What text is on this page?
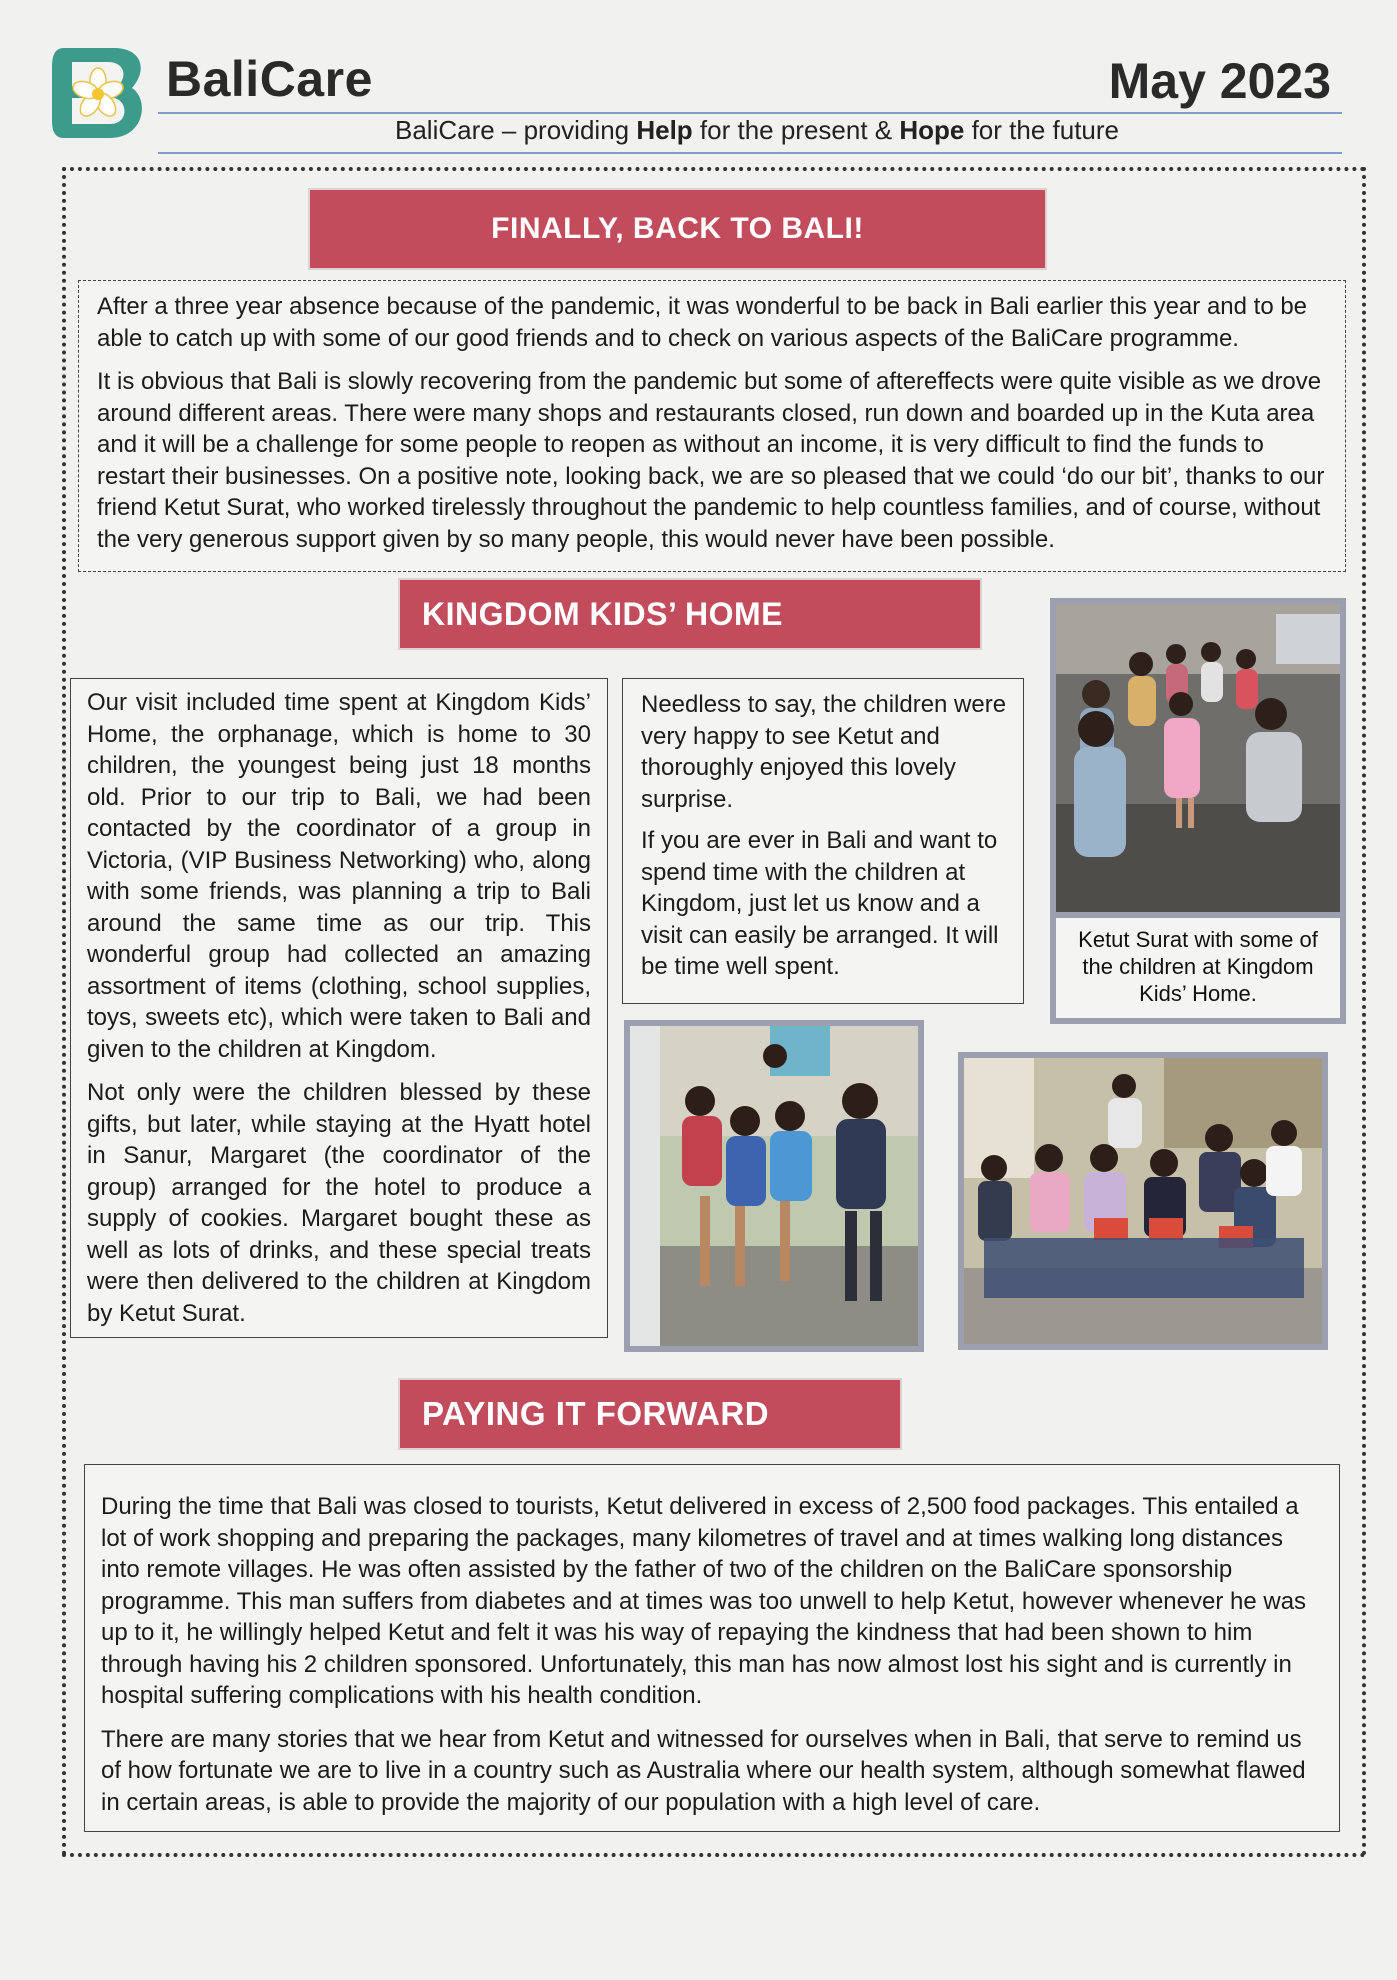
BaliCare	May 2023
BaliCare – providing Help for the present & Hope for the future
FINALLY, BACK TO BALI!

After a three year absence because of the pandemic, it was wonderful to be back in Bali earlier this year and to be able to catch up with some of our good friends and to check on various aspects of the BaliCare programme.

It is obvious that Bali is slowly recovering from the pandemic but some of aftereffects were quite visible as we drove around different areas. There were many shops and restaurants closed, run down and boarded up in the Kuta area and it will be a challenge for some people to reopen as without an income, it is very difficult to find the funds to restart their businesses. On a positive note, looking back, we are so pleased that we could ‘do our bit’, thanks to our friend Ketut Surat, who worked tirelessly throughout the pandemic to help countless families, and of course, without the very generous support given by so many people, this would never have been possible.

KINGDOM KIDS’ HOME

Our visit included time spent at Kingdom Kids’ Home, the orphanage, which is home to 30 children, the youngest being just 18 months old. Prior to our trip to Bali, we had been contacted by the coordinator of a group in Victoria, (VIP Business Networking) who, along with some friends, was planning a trip to Bali around the same time as our trip. This wonderful group had collected an amazing assortment of items (clothing, school supplies, toys, sweets etc), which were taken to Bali and given to the children at Kingdom.

Not only were the children blessed by these gifts, but later, while staying at the Hyatt hotel in Sanur, Margaret (the coordinator of the group) arranged for the hotel to produce a supply of cookies. Margaret bought these as well as lots of drinks, and these special treats were then delivered to the children at Kingdom by Ketut Surat.

Needless to say, the children were very happy to see Ketut and thoroughly enjoyed this lovely surprise.

If you are ever in Bali and want to spend time with the children at Kingdom, just let us know and a visit can easily be arranged. It will be time well spent.

Ketut Surat with some of the children at Kingdom Kids’ Home.
PAYING IT FORWARD

During the time that Bali was closed to tourists, Ketut delivered in excess of 2,500 food packages. This entailed a lot of work shopping and preparing the packages, many kilometres of travel and at times walking long distances into remote villages. He was often assisted by the father of two of the children on the BaliCare sponsorship programme. This man suffers from diabetes and at times was too unwell to help Ketut, however whenever he was up to it, he willingly helped Ketut and felt it was his way of repaying the kindness that had been shown to him through having his 2 children sponsored. Unfortunately, this man has now almost lost his sight and is currently in hospital suffering complications with his health condition.

There are many stories that we hear from Ketut and witnessed for ourselves when in Bali, that serve to remind us of how fortunate we are to live in a country such as Australia where our health system, although somewhat flawed in certain areas, is able to provide the majority of our population with a high level of care.
